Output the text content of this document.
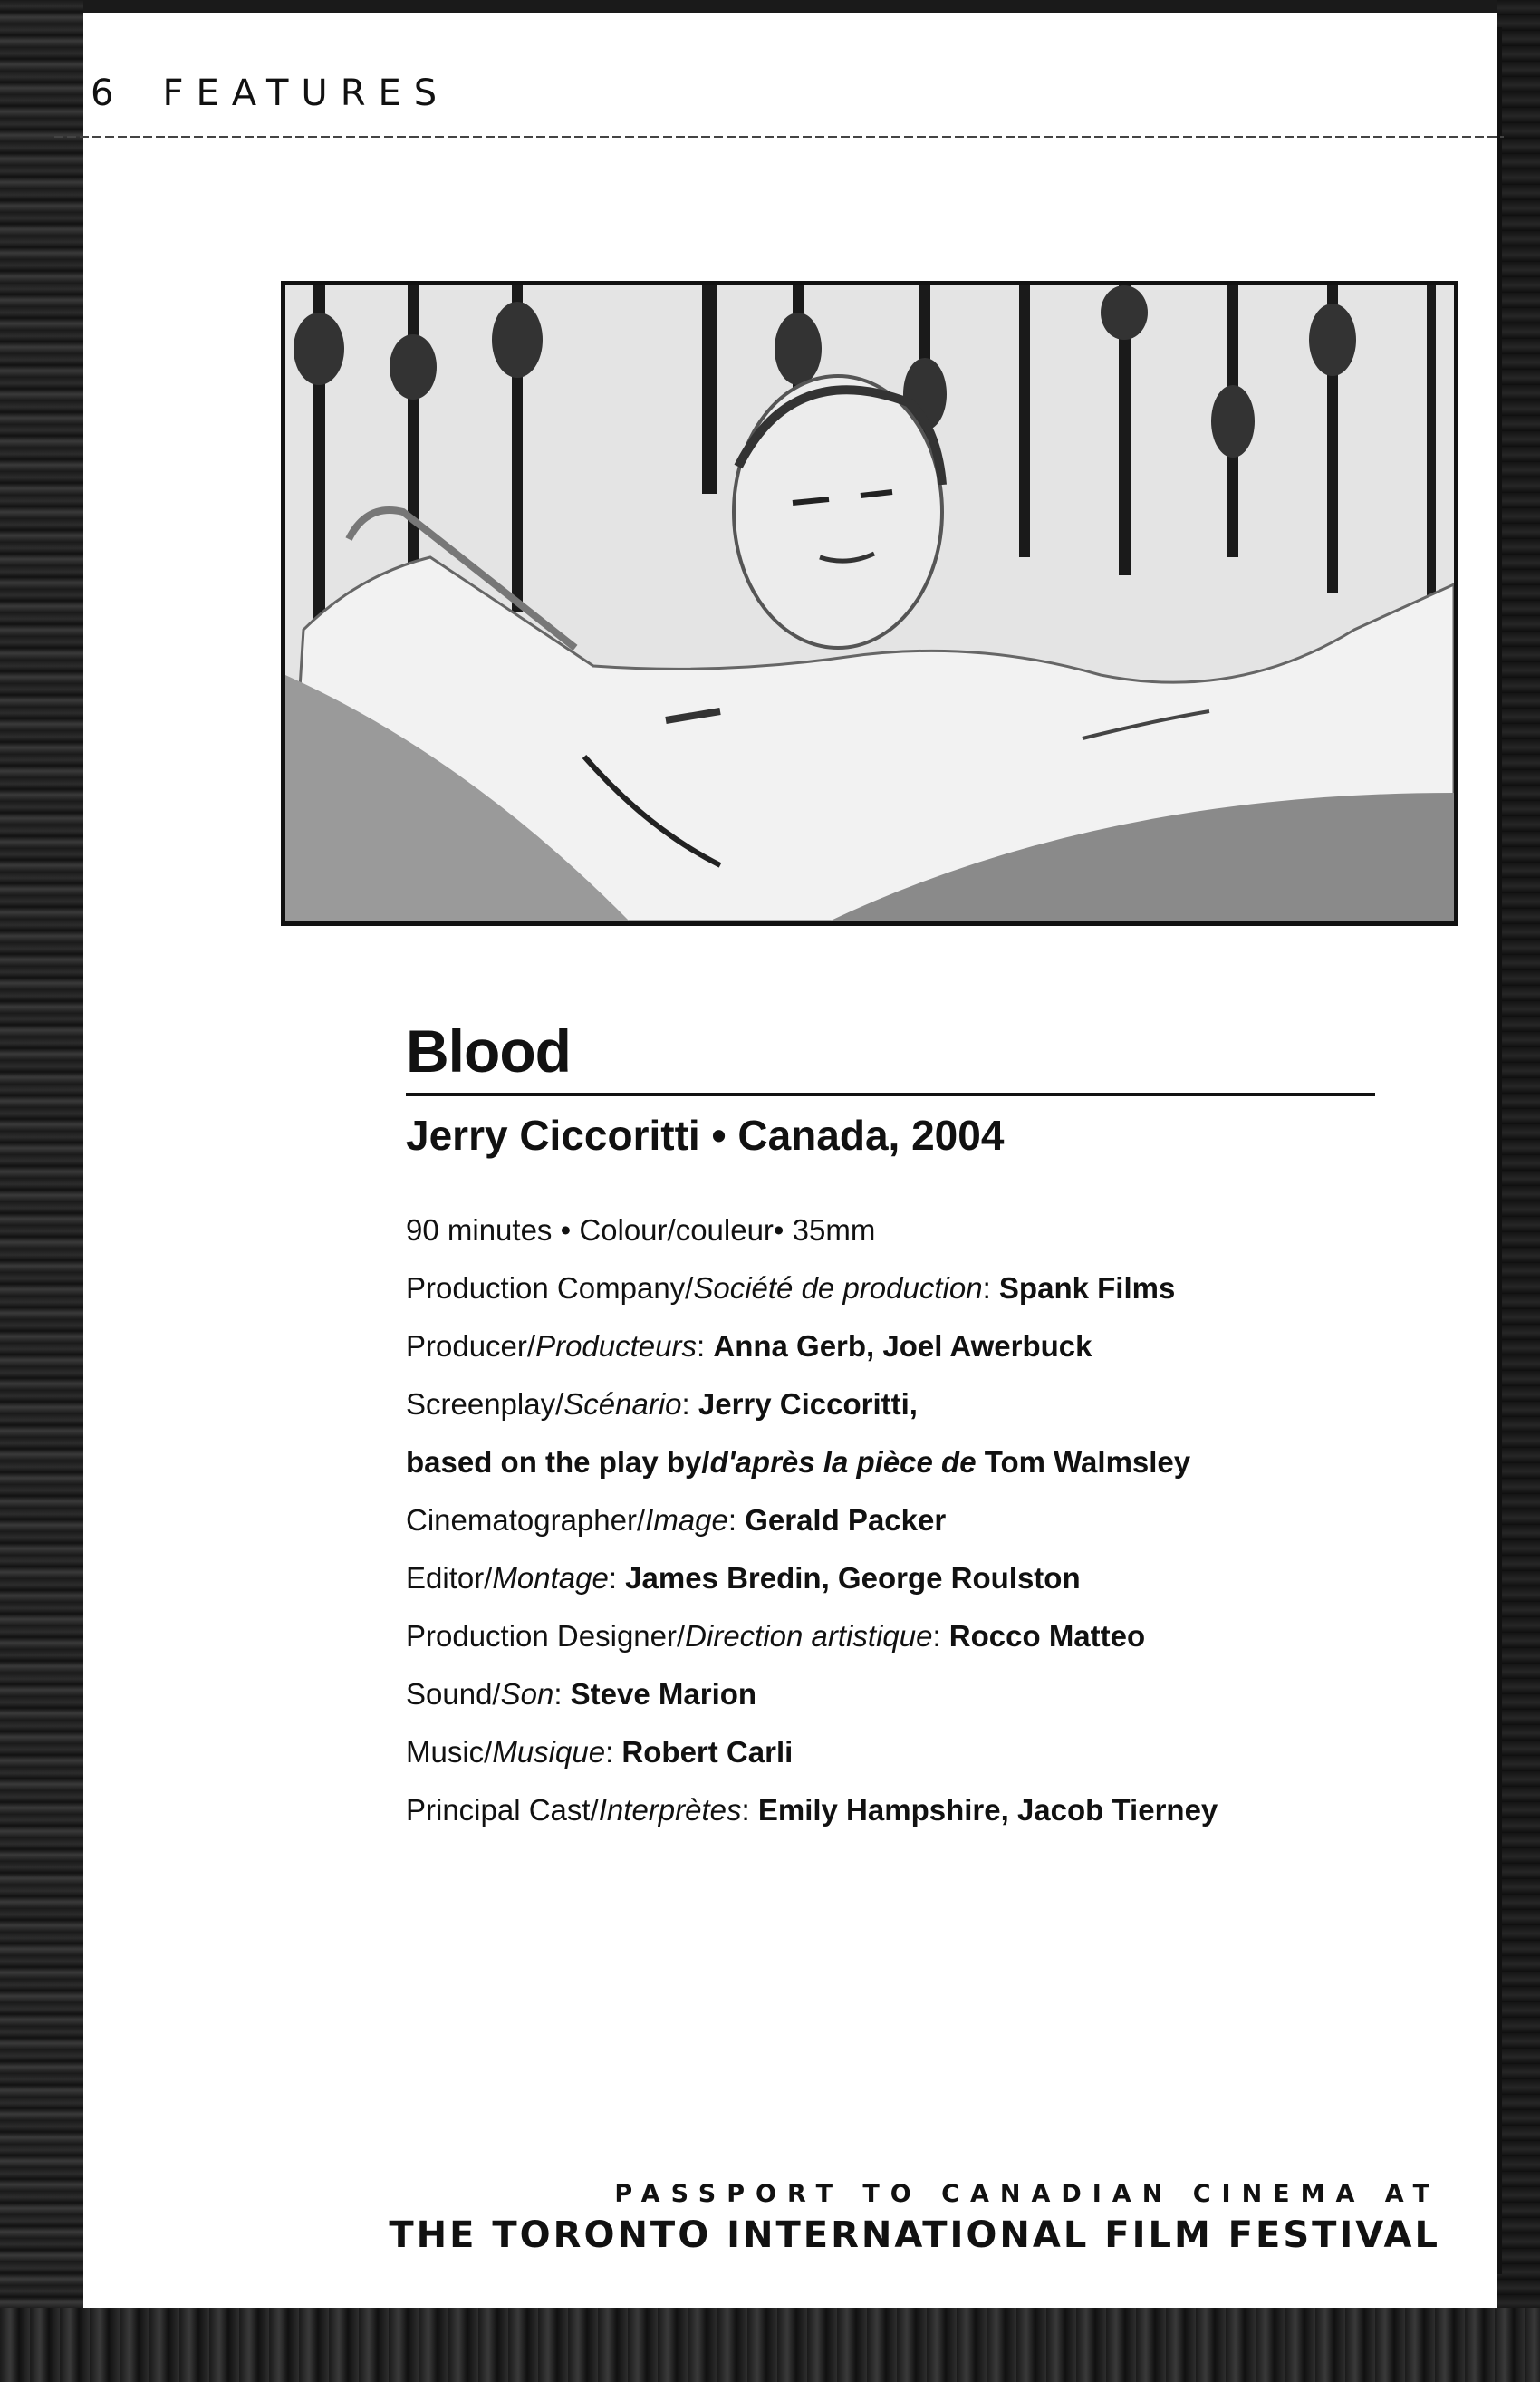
6 FEATURES
Blood
Jerry Ciccoritti • Canada, 2004
90 minutes • Colour/couleur• 35mm
Production Company/Société de production: Spank Films
Producer/Producteurs: Anna Gerb, Joel Awerbuck
Screenplay/Scénario: Jerry Ciccoritti,
based on the play by/d'après la pièce de Tom Walmsley
Cinematographer/Image: Gerald Packer
Editor/Montage: James Bredin, George Roulston
Production Designer/Direction artistique: Rocco Matteo
Sound/Son: Steve Marion
Music/Musique: Robert Carli
Principal Cast/Interprètes: Emily Hampshire, Jacob Tierney
PASSPORT TO CANADIAN CINEMA AT
THE TORONTO INTERNATIONAL FILM FESTIVAL
